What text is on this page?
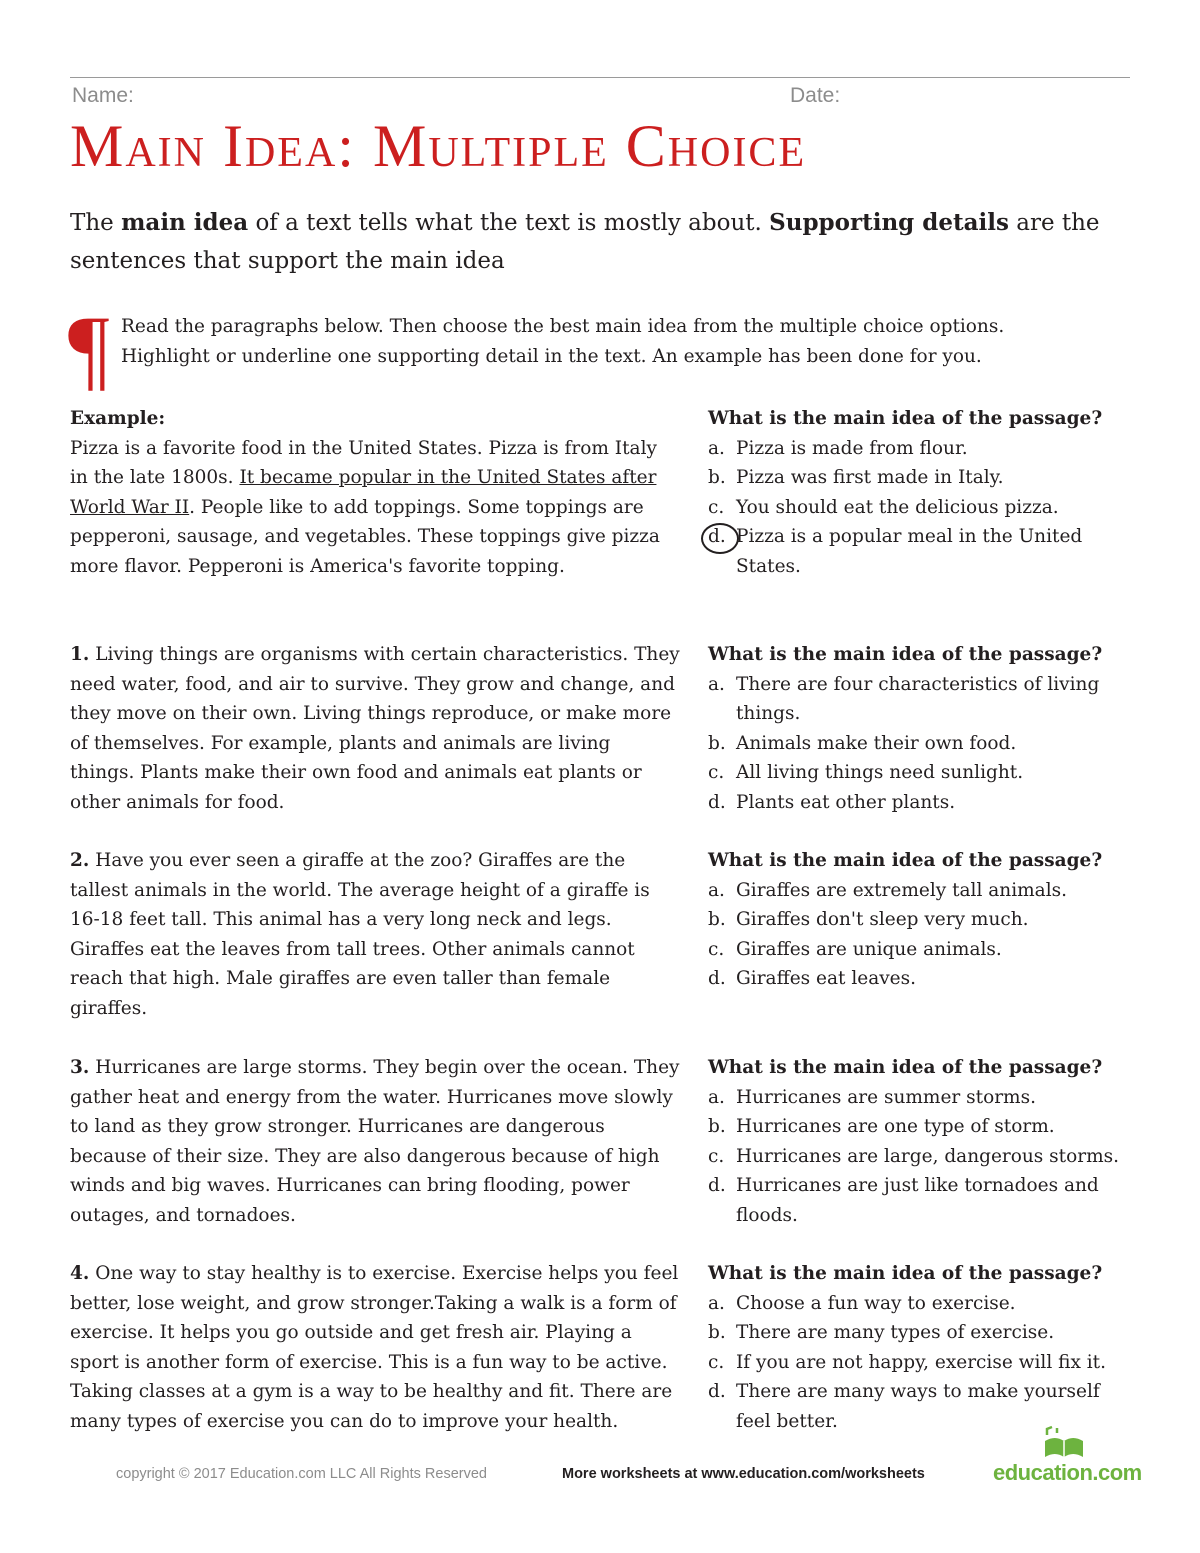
Name:	Date:
Main Idea: Multiple Choice

The main idea of a text tells what the text is mostly about. Supporting details are the sentences that support the main idea

¶ Read the paragraphs below. Then choose the best main idea from the multiple choice options.
Highlight or underline one supporting detail in the text. An example has been done for you.

Example:
Pizza is a favorite food in the United States. Pizza is from Italy in the late 1800s. It became popular in the United States after World War II. People like to add toppings. Some toppings are pepperoni, sausage, and vegetables. These toppings give pizza more flavor. Pepperoni is America's favorite topping.

What is the main idea of the passage?
a. Pizza is made from flour.
b. Pizza was first made in Italy.
c. You should eat the delicious pizza.
d. Pizza is a popular meal in the United States.

1. Living things are organisms with certain characteristics. They need water, food, and air to survive. They grow and change, and they move on their own. Living things reproduce, or make more of themselves. For example, plants and animals are living things. Plants make their own food and animals eat plants or other animals for food.

What is the main idea of the passage?
a. There are four characteristics of living things.
b. Animals make their own food.
c. All living things need sunlight.
d. Plants eat other plants.

2. Have you ever seen a giraffe at the zoo? Giraffes are the tallest animals in the world. The average height of a giraffe is 16-18 feet tall. This animal has a very long neck and legs. Giraffes eat the leaves from tall trees. Other animals cannot reach that high. Male giraffes are even taller than female giraffes.

What is the main idea of the passage?
a. Giraffes are extremely tall animals.
b. Giraffes don't sleep very much.
c. Giraffes are unique animals.
d. Giraffes eat leaves.

3. Hurricanes are large storms. They begin over the ocean. They gather heat and energy from the water. Hurricanes move slowly to land as they grow stronger. Hurricanes are dangerous because of their size. They are also dangerous because of high winds and big waves. Hurricanes can bring flooding, power outages, and tornadoes.

What is the main idea of the passage?
a. Hurricanes are summer storms.
b. Hurricanes are one type of storm.
c. Hurricanes are large, dangerous storms.
d. Hurricanes are just like tornadoes and floods.

4. One way to stay healthy is to exercise. Exercise helps you feel better, lose weight, and grow stronger.Taking a walk is a form of exercise. It helps you go outside and get fresh air. Playing a sport is another form of exercise. This is a fun way to be active. Taking classes at a gym is a way to be healthy and fit. There are many types of exercise you can do to improve your health.

What is the main idea of the passage?
a. Choose a fun way to exercise.
b. There are many types of exercise.
c. If you are not happy, exercise will fix it.
d. There are many ways to make yourself feel better.
copyright © 2017 Education.com LLC All Rights Reserved	More worksheets at www.education.com/worksheets	education.com
